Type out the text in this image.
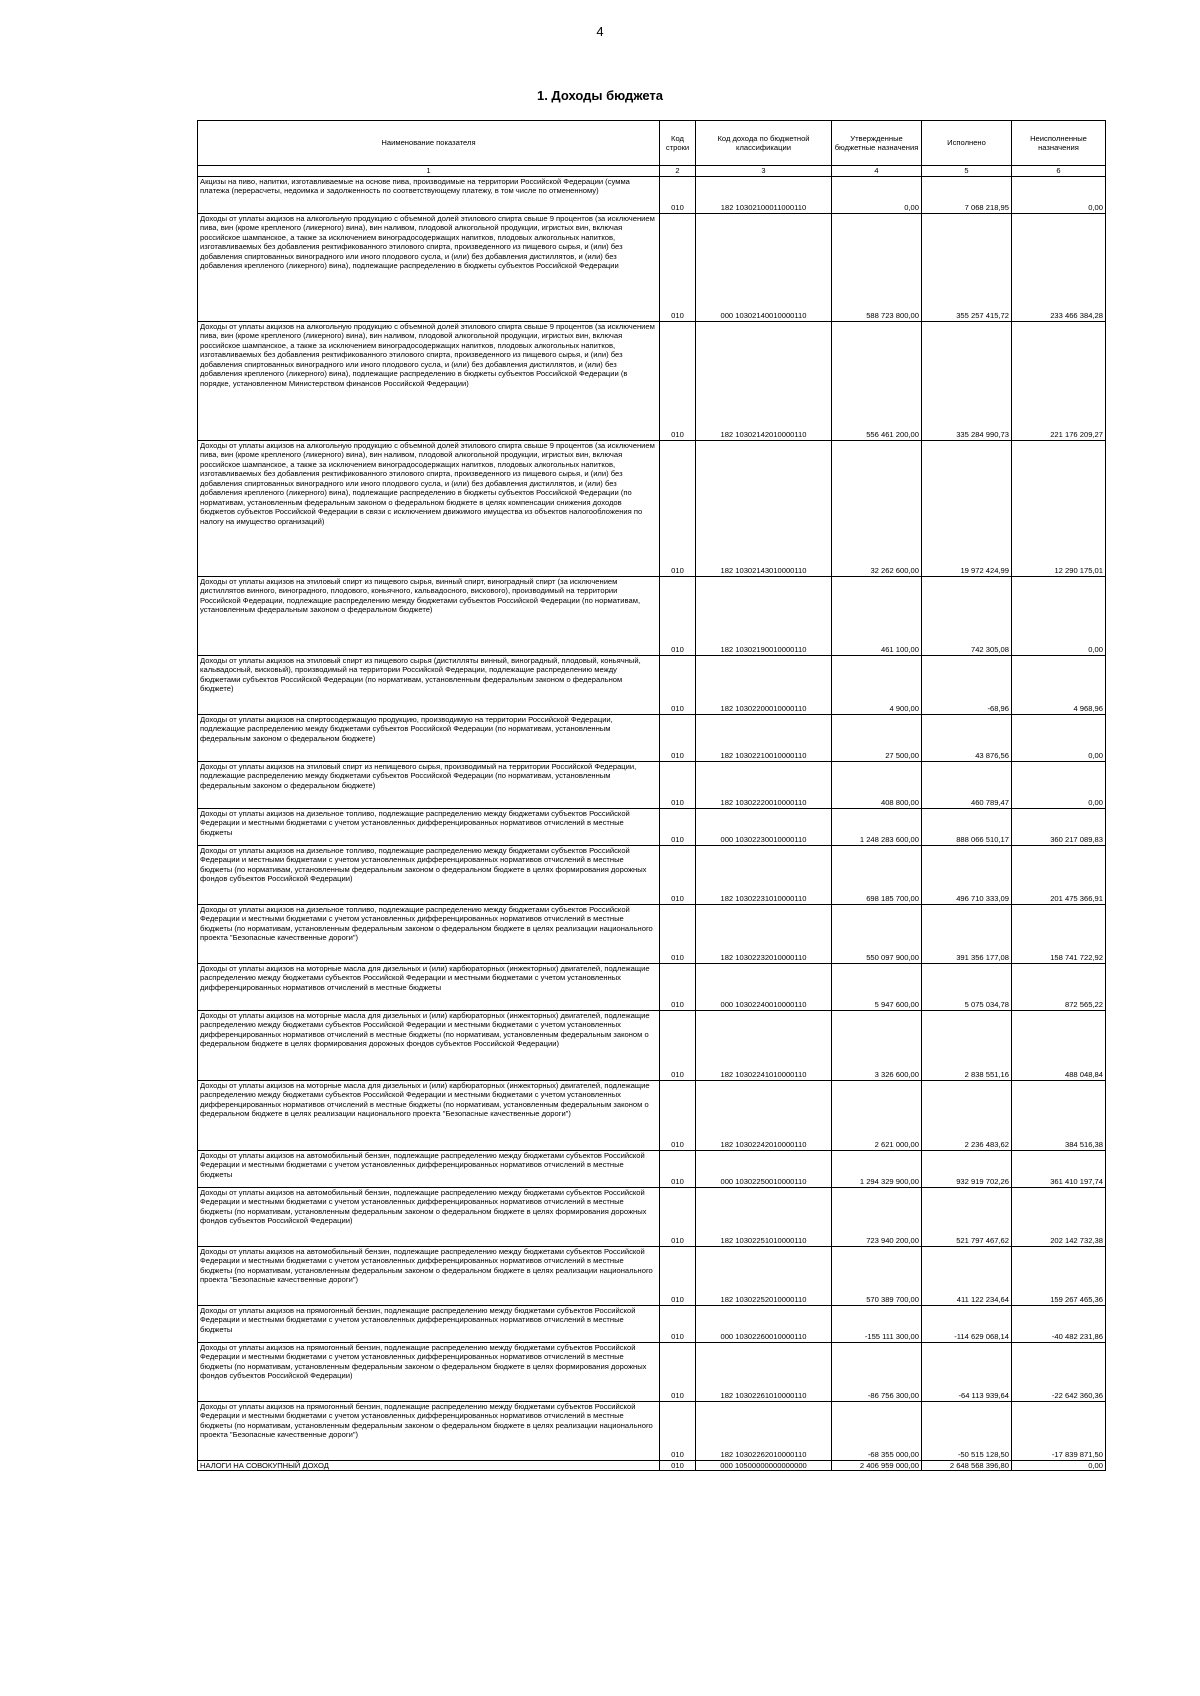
4
1. Доходы бюджета
Наименование показателя	Код строки	Код дохода по бюджетной классификации	Утвержденные бюджетные назначения	Исполнено	Неисполненные назначения
1	2	3	4	5	6
Акцизы на пиво, напитки, изготавливаемые на основе пива, производимые на территории Российской Федерации (сумма платежа (перерасчеты, недоимка и задолженность по соответствующему платежу, в том числе по отмененному)	010	182 10302100011000110	0,00	7 068 218,95	0,00
Доходы от уплаты акцизов на алкогольную продукцию с объемной долей этилового спирта свыше 9 процентов (за исключением пива, вин (кроме крепленого (ликерного) вина), вин наливом, плодовой алкогольной продукции, игристых вин, включая российское шампанское, а также за исключением виноградосодержащих напитков, плодовых алкогольных напитков, изготавливаемых без добавления ректификованного этилового спирта, произведенного из пищевого сырья, и (или) без добавления спиртованных виноградного или иного плодового сусла, и (или) без добавления дистиллятов, и (или) без добавления крепленого (ликерного) вина), подлежащие распределению в бюджеты субъектов Российской Федерации	010	000 10302140010000110	588 723 800,00	355 257 415,72	233 466 384,28
Доходы от уплаты акцизов на алкогольную продукцию с объемной долей этилового спирта свыше 9 процентов (за исключением пива, вин (кроме крепленого (ликерного) вина), вин наливом, плодовой алкогольной продукции, игристых вин, включая российское шампанское, а также за исключением виноградосодержащих напитков, плодовых алкогольных напитков, изготавливаемых без добавления ректификованного этилового спирта, произведенного из пищевого сырья, и (или) без добавления спиртованных виноградного или иного плодового сусла, и (или) без добавления дистиллятов, и (или) без добавления крепленого (ликерного) вина), подлежащие распределению в бюджеты субъектов Российской Федерации (в порядке, установленном Министерством финансов Российской Федерации)	010	182 10302142010000110	556 461 200,00	335 284 990,73	221 176 209,27
Доходы от уплаты акцизов на алкогольную продукцию с объемной долей этилового спирта свыше 9 процентов (за исключением пива, вин (кроме крепленого (ликерного) вина), вин наливом, плодовой алкогольной продукции, игристых вин, включая российское шампанское, а также за исключением виноградосодержащих напитков, плодовых алкогольных напитков, изготавливаемых без добавления ректификованного этилового спирта, произведенного из пищевого сырья, и (или) без добавления спиртованных виноградного или иного плодового сусла, и (или) без добавления дистиллятов, и (или) без добавления крепленого (ликерного) вина), подлежащие распределению в бюджеты субъектов Российской Федерации (по нормативам, установленным федеральным законом о федеральном бюджете в целях компенсации снижения доходов бюджетов субъектов Российской Федерации в связи с исключением движимого имущества из объектов налогообложения по налогу на имущество организаций)	010	182 10302143010000110	32 262 600,00	19 972 424,99	12 290 175,01
Доходы от уплаты акцизов на этиловый спирт из пищевого сырья, винный спирт, виноградный спирт (за исключением дистиллятов винного, виноградного, плодового, коньячного, кальвадосного, вискового), производимый на территории Российской Федерации, подлежащие распределению между бюджетами субъектов Российской Федерации (по нормативам, установленным федеральным законом о федеральном бюджете)	010	182 10302190010000110	461 100,00	742 305,08	0,00
Доходы от уплаты акцизов на этиловый спирт из пищевого сырья (дистилляты винный, виноградный, плодовый, коньячный, кальвадосный, висковый), производимый на территории Российской Федерации, подлежащие распределению между бюджетами субъектов Российской Федерации (по нормативам, установленным федеральным законом о федеральном бюджете)	010	182 10302200010000110	4 900,00	-68,96	4 968,96
Доходы от уплаты акцизов на спиртосодержащую продукцию, производимую на территории Российской Федерации, подлежащие распределению между бюджетами субъектов Российской Федерации (по нормативам, установленным федеральным законом о федеральном бюджете)	010	182 10302210010000110	27 500,00	43 876,56	0,00
Доходы от уплаты акцизов на этиловый спирт из непищевого сырья, производимый на территории Российской Федерации, подлежащие распределению между бюджетами субъектов Российской Федерации (по нормативам, установленным федеральным законом о федеральном бюджете)	010	182 10302220010000110	408 800,00	460 789,47	0,00
Доходы от уплаты акцизов на дизельное топливо, подлежащие распределению между бюджетами субъектов Российской Федерации и местными бюджетами с учетом установленных дифференцированных нормативов отчислений в местные бюджеты	010	000 10302230010000110	1 248 283 600,00	888 066 510,17	360 217 089,83
Доходы от уплаты акцизов на дизельное топливо, подлежащие распределению между бюджетами субъектов Российской Федерации и местными бюджетами с учетом установленных дифференцированных нормативов отчислений в местные бюджеты (по нормативам, установленным федеральным законом о федеральном бюджете в целях формирования дорожных фондов субъектов Российской Федерации)	010	182 10302231010000110	698 185 700,00	496 710 333,09	201 475 366,91
Доходы от уплаты акцизов на дизельное топливо, подлежащие распределению между бюджетами субъектов Российской Федерации и местными бюджетами с учетом установленных дифференцированных нормативов отчислений в местные бюджеты (по нормативам, установленным федеральным законом о федеральном бюджете в целях реализации национального проекта "Безопасные качественные дороги")	010	182 10302232010000110	550 097 900,00	391 356 177,08	158 741 722,92
Доходы от уплаты акцизов на моторные масла для дизельных и (или) карбюраторных (инжекторных) двигателей, подлежащие распределению между бюджетами субъектов Российской Федерации и местными бюджетами с учетом установленных дифференцированных нормативов отчислений в местные бюджеты	010	000 10302240010000110	5 947 600,00	5 075 034,78	872 565,22
Доходы от уплаты акцизов на моторные масла для дизельных и (или) карбюраторных (инжекторных) двигателей, подлежащие распределению между бюджетами субъектов Российской Федерации и местными бюджетами с учетом установленных дифференцированных нормативов отчислений в местные бюджеты (по нормативам, установленным федеральным законом о федеральном бюджете в целях формирования дорожных фондов субъектов Российской Федерации)	010	182 10302241010000110	3 326 600,00	2 838 551,16	488 048,84
Доходы от уплаты акцизов на моторные масла для дизельных и (или) карбюраторных (инжекторных) двигателей, подлежащие распределению между бюджетами субъектов Российской Федерации и местными бюджетами с учетом установленных дифференцированных нормативов отчислений в местные бюджеты (по нормативам, установленным федеральным законом о федеральном бюджете в целях реализации национального проекта "Безопасные качественные дороги")	010	182 10302242010000110	2 621 000,00	2 236 483,62	384 516,38
Доходы от уплаты акцизов на автомобильный бензин, подлежащие распределению между бюджетами субъектов Российской Федерации и местными бюджетами с учетом установленных дифференцированных нормативов отчислений в местные бюджеты	010	000 10302250010000110	1 294 329 900,00	932 919 702,26	361 410 197,74
Доходы от уплаты акцизов на автомобильный бензин, подлежащие распределению между бюджетами субъектов Российской Федерации и местными бюджетами с учетом установленных дифференцированных нормативов отчислений в местные бюджеты (по нормативам, установленным федеральным законом о федеральном бюджете в целях формирования дорожных фондов субъектов Российской Федерации)	010	182 10302251010000110	723 940 200,00	521 797 467,62	202 142 732,38
Доходы от уплаты акцизов на автомобильный бензин, подлежащие распределению между бюджетами субъектов Российской Федерации и местными бюджетами с учетом установленных дифференцированных нормативов отчислений в местные бюджеты (по нормативам, установленным федеральным законом о федеральном бюджете в целях реализации национального проекта "Безопасные качественные дороги")	010	182 10302252010000110	570 389 700,00	411 122 234,64	159 267 465,36
Доходы от уплаты акцизов на прямогонный бензин, подлежащие распределению между бюджетами субъектов Российской Федерации и местными бюджетами с учетом установленных дифференцированных нормативов отчислений в местные бюджеты	010	000 10302260010000110	-155 111 300,00	-114 629 068,14	-40 482 231,86
Доходы от уплаты акцизов на прямогонный бензин, подлежащие распределению между бюджетами субъектов Российской Федерации и местными бюджетами с учетом установленных дифференцированных нормативов отчислений в местные бюджеты (по нормативам, установленным федеральным законом о федеральном бюджете в целях формирования дорожных фондов субъектов Российской Федерации)	010	182 10302261010000110	-86 756 300,00	-64 113 939,64	-22 642 360,36
Доходы от уплаты акцизов на прямогонный бензин, подлежащие распределению между бюджетами субъектов Российской Федерации и местными бюджетами с учетом установленных дифференцированных нормативов отчислений в местные бюджеты (по нормативам, установленным федеральным законом о федеральном бюджете в целях реализации национального проекта "Безопасные качественные дороги")	010	182 10302262010000110	-68 355 000,00	-50 515 128,50	-17 839 871,50
НАЛОГИ НА СОВОКУПНЫЙ ДОХОД	010	000 10500000000000000	2 406 959 000,00	2 648 568 396,80	0,00
